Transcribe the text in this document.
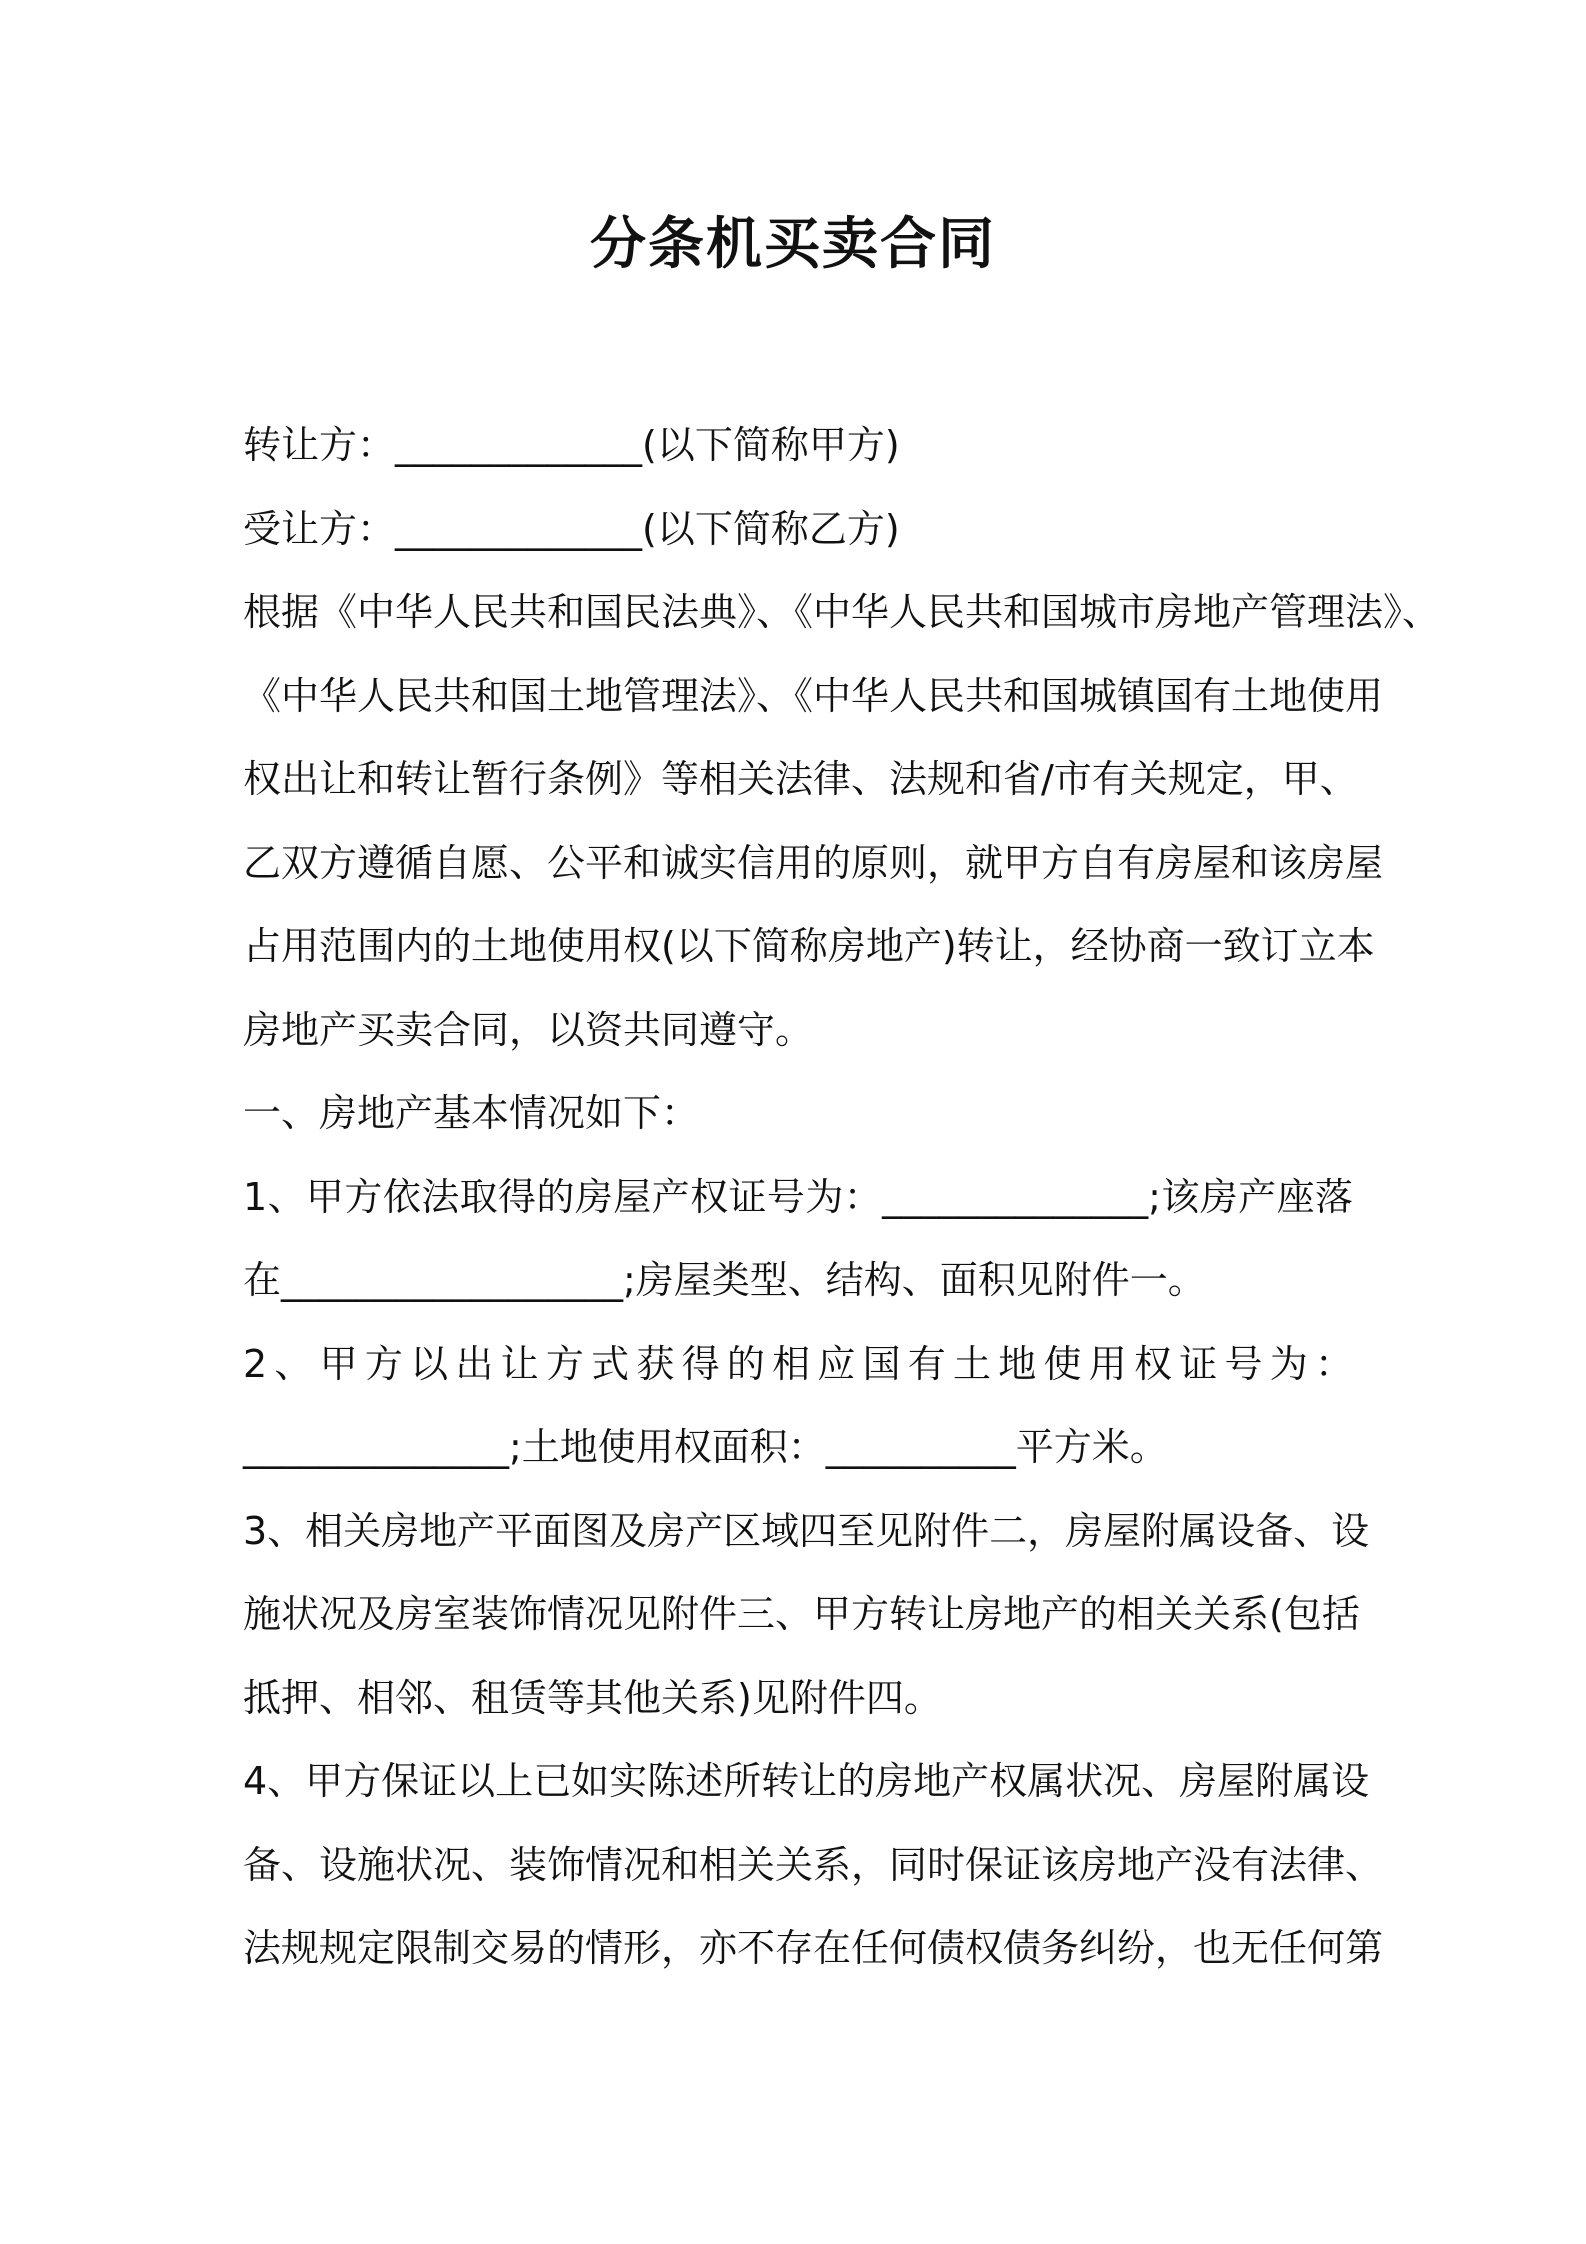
分条机买卖合同
转让方：_____________(以下简称甲方)
受让方：_____________(以下简称乙方)
根据《中华人民共和国民法典》、《中华人民共和国城市房地产管理法》、
《中华人民共和国土地管理法》、《中华人民共和国城镇国有土地使用
权出让和转让暂行条例》等相关法律、法规和省/市有关规定，甲、
乙双方遵循自愿、公平和诚实信用的原则，就甲方自有房屋和该房屋
占用范围内的土地使用权(以下简称房地产)转让，经协商一致订立本
房地产买卖合同，以资共同遵守。
一、房地产基本情况如下：
1、甲方依法取得的房屋产权证号为：______________;该房产座落
在__________________;房屋类型、结构、面积见附件一。
2、甲方以出让方式获得的相应国有土地使用权证号为：
______________;土地使用权面积：__________平方米。
3、相关房地产平面图及房产区域四至见附件二，房屋附属设备、设
施状况及房室装饰情况见附件三、甲方转让房地产的相关关系(包括
抵押、相邻、租赁等其他关系)见附件四。
4、甲方保证以上已如实陈述所转让的房地产权属状况、房屋附属设
备、设施状况、装饰情况和相关关系，同时保证该房地产没有法律、
法规规定限制交易的情形，亦不存在任何债权债务纠纷，也无任何第
